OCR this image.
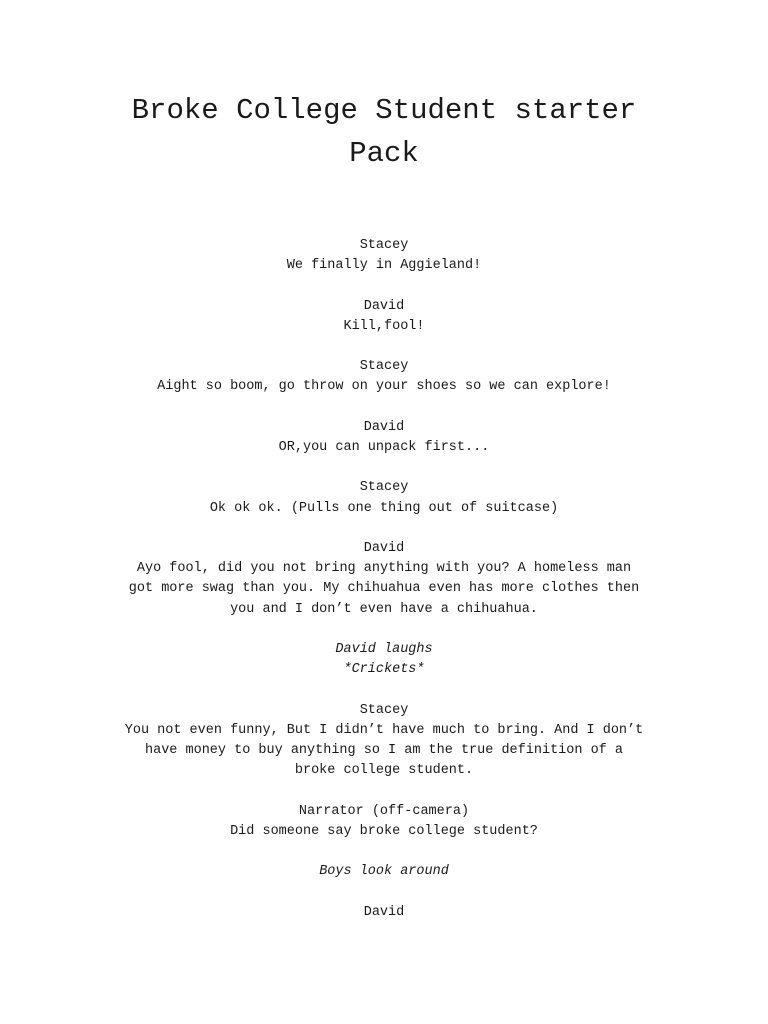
Broke College Student starter
Pack

Stacey

We finally in Aggieland!

David

Kill,fool!

Stacey

Aight so boom, go throw on your shoes so we can explore!

David

OR,you can unpack first...

Stacey

Ok ok ok. (Pulls one thing out of suitcase)

David

Ayo fool, did you not bring anything with you? A homeless man

got more swag than you. My chihuahua even has more clothes then

you and I don’t even have a chihuahua.

David laughs

*Crickets*

Stacey

You not even funny, But I didn’t have much to bring. And I don’t

have money to buy anything so I am the true definition of a

broke college student.

Narrator (off-camera)

Did someone say broke college student?

Boys look around

David
